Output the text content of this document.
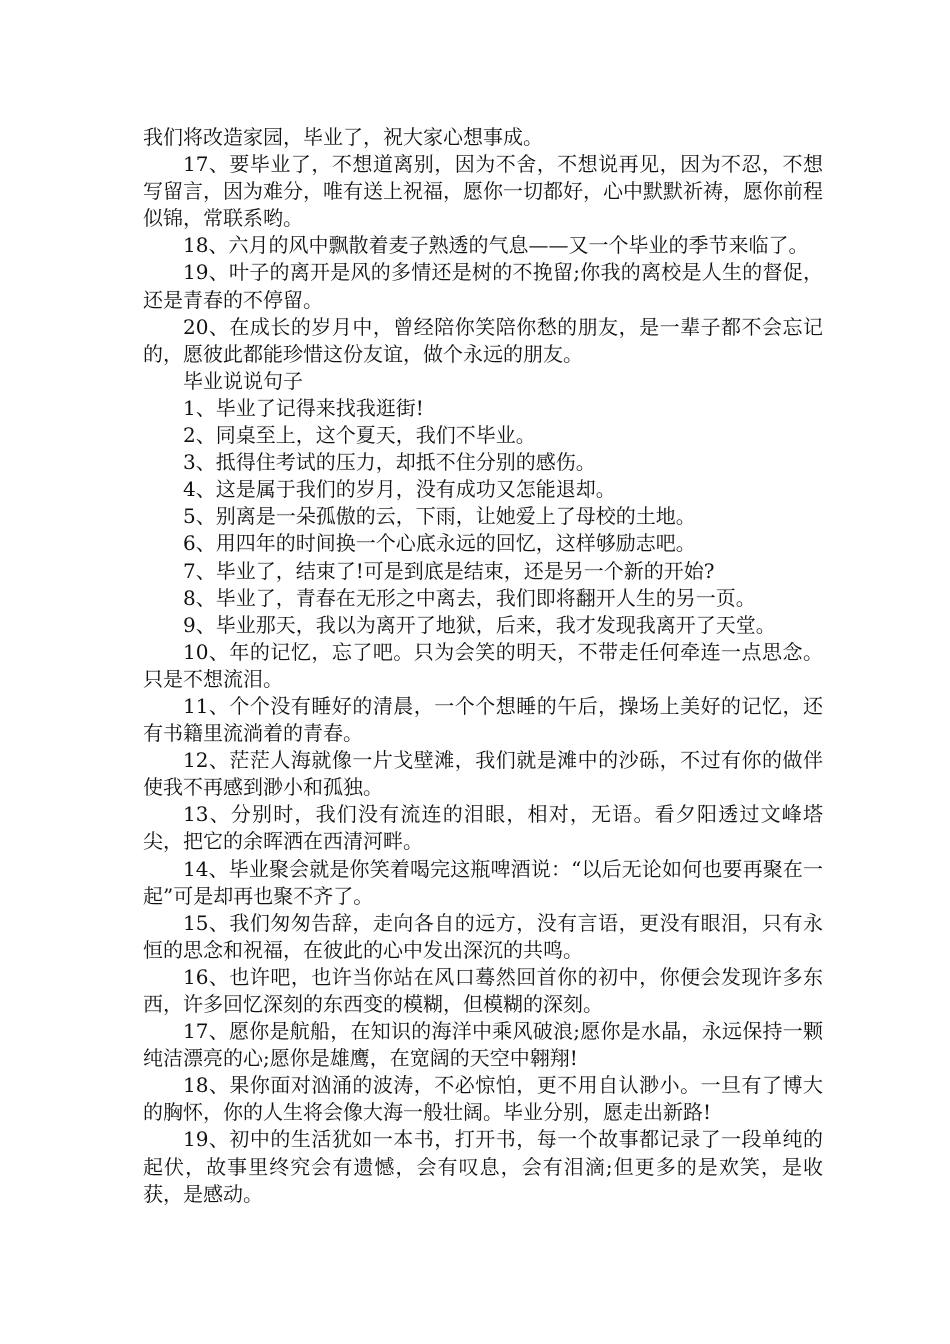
我们将改造家园，毕业了，祝大家心想事成。

17、要毕业了，不想道离别，因为不舍，不想说再见，因为不忍，不想写留言，因为难分，唯有送上祝福，愿你一切都好，心中默默祈祷，愿你前程似锦，常联系哟。

18、六月的风中飘散着麦子熟透的气息——又一个毕业的季节来临了。

19、叶子的离开是风的多情还是树的不挽留;你我的离校是人生的督促，还是青春的不停留。

20、在成长的岁月中，曾经陪你笑陪你愁的朋友，是一辈子都不会忘记的，愿彼此都能珍惜这份友谊，做个永远的朋友。

毕业说说句子

1、毕业了记得来找我逛街!

2、同桌至上，这个夏天，我们不毕业。

3、抵得住考试的压力，却抵不住分别的感伤。

4、这是属于我们的岁月，没有成功又怎能退却。

5、别离是一朵孤傲的云，下雨，让她爱上了母校的土地。

6、用四年的时间换一个心底永远的回忆，这样够励志吧。

7、毕业了，结束了!可是到底是结束，还是另一个新的开始?

8、毕业了，青春在无形之中离去，我们即将翻开人生的另一页。

9、毕业那天，我以为离开了地狱，后来，我才发现我离开了天堂。

10、年的记忆，忘了吧。只为会笑的明天，不带走任何牵连一点思念。只是不想流泪。

11、个个没有睡好的清晨，一个个想睡的午后，操场上美好的记忆，还有书籍里流淌着的青春。

12、茫茫人海就像一片戈壁滩，我们就是滩中的沙砾，不过有你的做伴使我不再感到渺小和孤独。

13、分别时，我们没有流连的泪眼，相对，无语。看夕阳透过文峰塔尖，把它的余晖洒在西清河畔。

14、毕业聚会就是你笑着喝完这瓶啤酒说：“以后无论如何也要再聚在一起”可是却再也聚不齐了。

15、我们匆匆告辞，走向各自的远方，没有言语，更没有眼泪，只有永恒的思念和祝福，在彼此的心中发出深沉的共鸣。

16、也许吧，也许当你站在风口蓦然回首你的初中，你便会发现许多东西，许多回忆深刻的东西变的模糊，但模糊的深刻。

17、愿你是航船，在知识的海洋中乘风破浪;愿你是水晶，永远保持一颗纯洁漂亮的心;愿你是雄鹰，在宽阔的天空中翱翔!

18、果你面对汹涌的波涛，不必惊怕，更不用自认渺小。一旦有了博大的胸怀，你的人生将会像大海一般壮阔。毕业分别，愿走出新路!

19、初中的生活犹如一本书，打开书，每一个故事都记录了一段单纯的起伏，故事里终究会有遗憾，会有叹息，会有泪滴;但更多的是欢笑，是收获，是感动。
